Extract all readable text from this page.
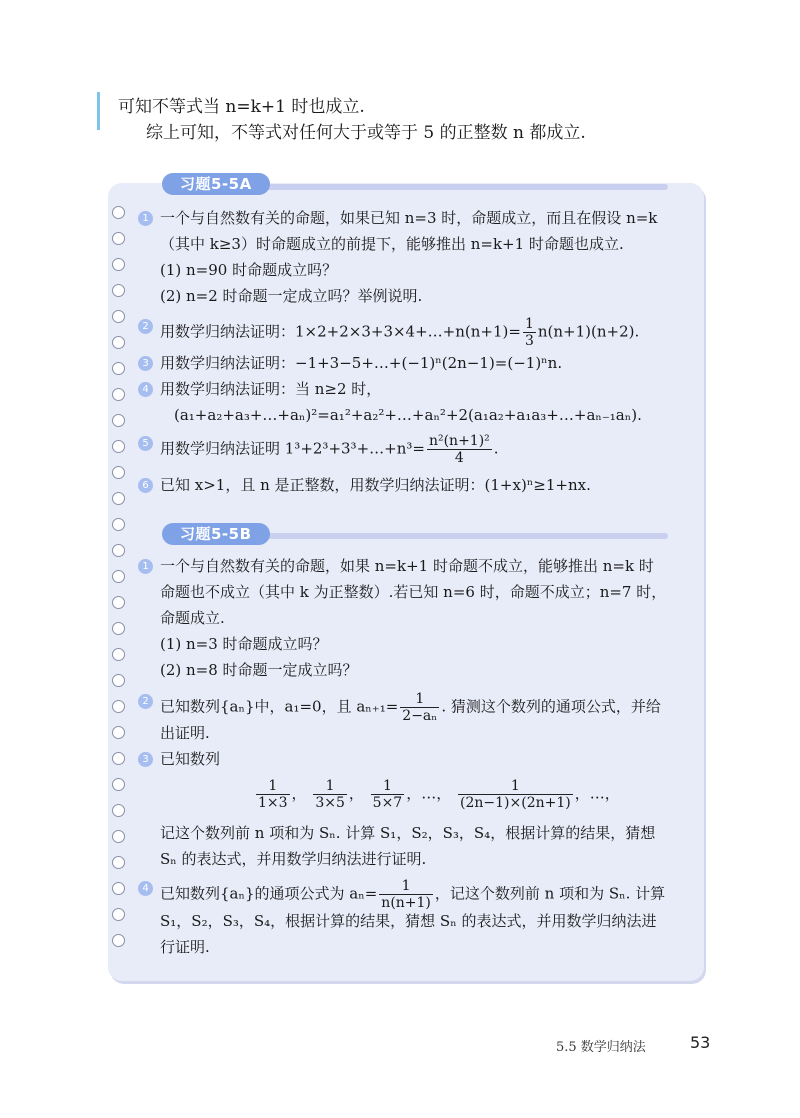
可知不等式当 n=k+1 时也成立.
综上可知，不等式对任何大于或等于 5 的正整数 n 都成立.
习题5-5A
1 一个与自然数有关的命题，如果已知 n=3 时，命题成立，而且在假设 n=k
（其中 k≥3）时命题成立的前提下，能够推出 n=k+1 时命题也成立.
(1) n=90 时命题成立吗？
(2) n=2 时命题一定成立吗？举例说明.
2 用数学归纳法证明：1×2+2×3+3×4+…+n(n+1)= $\frac{1}{3} n(n+1)(n+2)$.
3 用数学归纳法证明：−1+3−5+…+(−1)ⁿ(2n−1)=(−1)ⁿn.
4 用数学归纳法证明：当 n≥2 时，
(a₁+a₂+a₃+…+aₙ)²=a₁²+a₂²+…+aₙ²+2(a₁a₂+a₁a₃+…+aₙ₋₁aₙ).
5 用数学归纳法证明 1³+2³+3³+…+n³= $\frac{\text{n²(n+1)²}}{4}$ .
6 已知 x>1，且 n 是正整数，用数学归纳法证明：(1+x)ⁿ≥1+nx.
习题5-5B
1 一个与自然数有关的命题，如果 n=k+1 时命题不成立，能够推出 n=k 时
命题也不成立（其中 k 为正整数）.若已知 n=6 时，命题不成立；n=7 时，
命题成立.
(1) n=3 时命题成立吗？
(2) n=8 时命题一定成立吗？
2 已知数列{aₙ}中，a₁=0，且 $a_{n+1}= \frac{1}{\text{2−aₙ}}$ . 猜测这个数列的通项公式，并给
出证明.
3 已知数列
$\frac{1}{1\times 3}$ ， $\frac{1}{3\times 5}$ ， $\frac{1}{5\times 7}$ ，…， $\frac{1}{(2n-1)\times(2n+1)}$ ，…，
记这个数列前 n 项和为 Sₙ. 计算 S₁，S₂，S₃，S₄，根据计算的结果，猜想
Sₙ 的表达式，并用数学归纳法进行证明.
4 已知数列{aₙ}的通项公式为 $a_n= \frac{1}{n(n+1)}$ ，记这个数列前 n 项和为 Sₙ. 计算
S₁，S₂，S₃，S₄，根据计算的结果，猜想 Sₙ 的表达式，并用数学归纳法进
行证明.
5.5 数学归纳法	53
